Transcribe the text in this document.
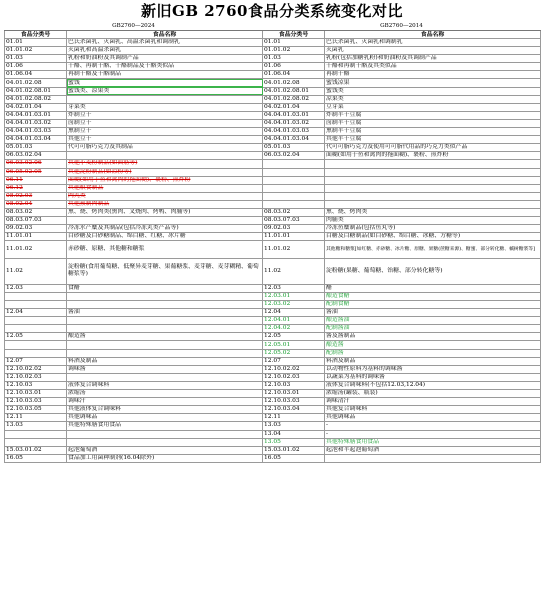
新旧GB 2760食品分类系统变化对比
GB2760—2024		GB2760—2014	
食品分类号	食品名称	食品分类号	食品名称
01.01	巴氏杀菌乳、灭菌乳、高温杀菌乳和调制乳	01.01	巴氏杀菌乳、灭菌乳和调制乳
01.01.02	灭菌乳和高温杀菌乳	01.01.02	灭菌乳
01.03	乳粉和奶油粉及其调制产品	01.03	乳粉(包括加糖乳粉)和奶油粉及其调制产品
01.06	干酪、再制干酪、干酪制品及干酪类似品	01.06	干酪和再制干酪及其类似品
01.06.04	再制干酪及干酪制品	01.06.04	再制干酪
04.01.02.08	蜜饯	04.01.02.08	蜜饯凉果
04.01.02.08.01	蜜饯类、凉果类	04.01.02.08.01	蜜饯类
04.01.02.08.02		04.01.02.08.02	凉果类
04.02.01.04	芽菜类	04.02.01.04	豆芽菜
04.04.01.03.01	炸制豆干	04.04.01.03.01	炸制半干豆腐
04.04.01.03.02	卤制豆干	04.04.01.03.02	卤制半干豆腐
04.04.01.03.03	熏制豆干	04.04.01.03.03	熏制半干豆腐
04.04.01.03.04	其他豆干	04.04.01.03.04	其他半干豆腐
05.01.03	代可可脂巧克力及其制品	05.01.03	代可可脂巧克力及使用可可脂代用品的巧克力类似产品
06.03.02.04		06.03.02.04	面糊(如用于鱼和禽肉的拖面糊)、裹粉、煎炸粉
06.03.02.06	其他小麦粉制品(如面筋等)		
06.05.02.05	其他淀粉制品(如凉粉等)		
06.11	面糊(如用于鱼和禽肉的拖面糊)、裹粉、煎炸粉		
06.12	其他粮食制品		
08.02.03	肉丸类		
08.02.04	其他预制肉制品		
08.03.02	熏、烧、烤肉类(熏肉、叉烧肉、烤鸭、肉脯等)	08.03.02	熏、烧、烤肉类
08.03.07.03		08.03.07.03	肉脯类
09.02.03	冷冻水产糜及其制品(包括冷冻丸类产品等)	09.02.03	冷冻鱼糜制品(包括鱼丸等)
11.01.01	白砂糖及白砂糖制品、绵白糖、红糖、冰片糖	11.01.01	白糖及白糖制品(如白砂糖、绵白糖、冰糖、方糖等)
11.01.02	赤砂糖、原糖、其他糖和糖浆	11.01.02	其他糖和糖浆[如红糖、赤砂糖、冰片糖、原糖、果糖(蔗糖来源)、糖蜜、部分转化糖、槭树糖浆等]
11.02	淀粉糖(食用葡萄糖、低聚异麦芽糖、果葡糖浆、麦芽糖、麦芽糊精、葡萄糖浆等)	11.02	淀粉糖(果糖、葡萄糖、饴糖、部分转化糖等)
12.03	食醋	12.03	醋
		12.03.01	酿造食醋
		12.03.02	配制食醋
12.04	酱油	12.04	酱油
		12.04.01	酿造酱油
		12.04.02	配制酱油
12.05	酿造酱	12.05	酱及酱制品
		12.05.01	酿造酱
		12.05.02	配制酱
12.07	料酒及制品	12.07	料酒及制品
12.10.02.02	调味酱	12.10.02.02	以动物性原料为基料的调味酱
12.10.02.03		12.10.02.03	以蔬菜为基料的调味酱
12.10.03	液体复合调味料	12.10.03	液体复合调味料(不包括12.03,12.04)
12.10.03.01	浓缩汤	12.10.03.01	浓缩汤(罐装、瓶装)
12.10.03.03	调味汁	12.10.03.03	调味清汁
12.10.03.05	其他液体复合调味料	12.10.03.04	其他复合调味料
12.11	其他调味品	12.11	其他调味品
13.03	其他特殊膳食用食品	13.03	-
		13.04	-
		13.05	其他特殊膳食用食品
15.03.01.02	起泡葡萄酒	15.03.01.02	起泡和半起泡葡萄酒
16.05	食品加工用菌种制剂(16.04除外)	16.05	
